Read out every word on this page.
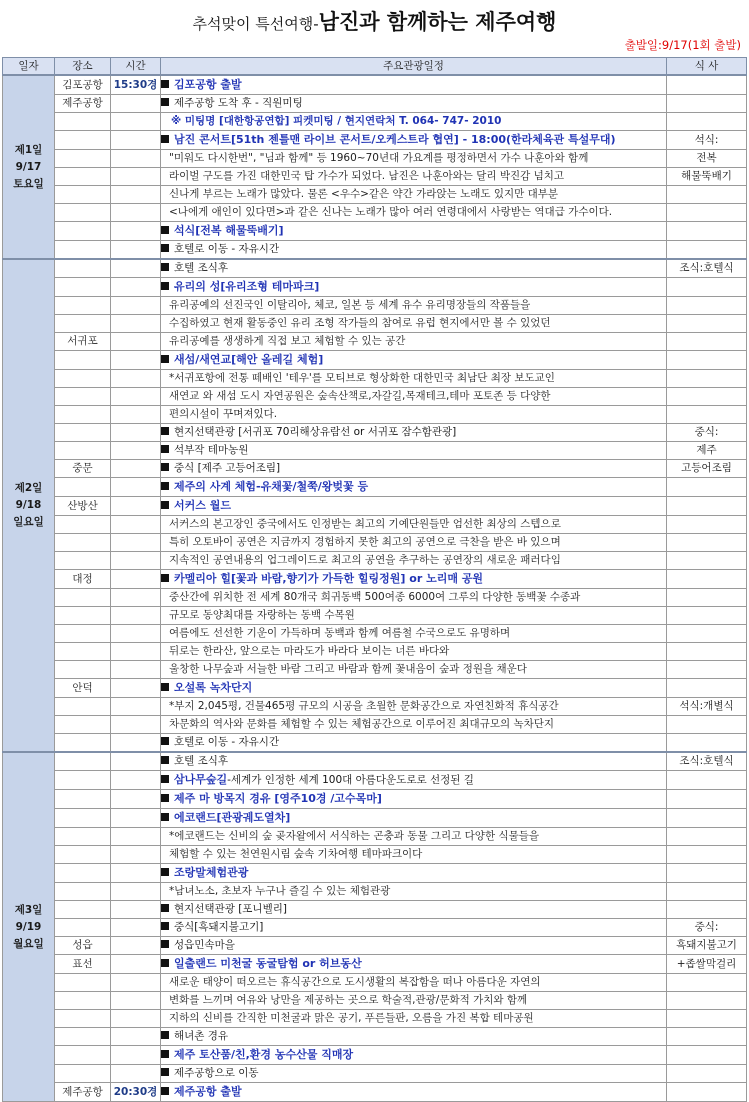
추석맞이 특선여행-남진과 함께하는 제주여행
출발일:9/17(1회 출발)
일자	장소	시간	주요관광일정	식 사

제1일
9/17
토요일	김포공항	15:30경	김포공항 출발	
	제주공항		제주공항 도착 후 - 직원미팅	
			※ 미팅명 [대한항공연합] 피켓미팅 / 현지연락처 T. 064- 747- 2010	
			남진 콘서트[51th 젠틀맨 라이브 콘서트/오케스트라 협연] - 18:00(한라체육관 특설무대)	석식:
			"미워도 다시한번", "님과 함께" 등 1960~70년대 가요계를 평정하면서 가수 나훈아와 함께	전복
			라이벌 구도를 가진 대한민국 탑 가수가 되었다. 남진은 나훈아와는 달리 박진감 넘치고	해물뚝배기
			신나게 부르는 노래가 많았다. 물론 <우수>같은 약간 가라앉는 노래도 있지만 대부분	
			<나에게 애인이 있다면>과 같은 신나는 노래가 많아 여러 연령대에서 사랑받는 역대급 가수이다.	
			석식[전복 해물뚝배기]	
			호텔로 이동 - 자유시간	

제2일
9/18
일요일			호텔 조식후	조식:호텔식
			유리의 성[유리조형 테마파크]	
			유리공예의 선진국인 이탈리아, 체코, 일본 등 세계 유수 유리명장들의 작품들을	
			수집하였고 현재 활동중인 유리 조형 작가들의 참여로 유럽 현지에서만 볼 수 있었던	
	서귀포		유리공예를 생생하게 직접 보고 체험할 수 있는 공간	
			새섬/새연교[해안 올레길 체험]	
			*서귀포항에 전통 떼배인 '테우'를 모티브로 형상화한 대한민국 최남단 최장 보도교인	
			새연교 와 새섬 도시 자연공원은 숲속산책로,자갈길,목재테크,테마 포토존 등 다양한	
			편의시설이 꾸며져있다.	
			현지선택관광 [서귀포 70리해상유람선 or 서귀포 잠수함관광]	중식:
			석부작 테마농원	제주
	중문		중식 [제주 고등어조림]	고등어조림
			제주의 사계 체험-유채꽃/철쭉/왕벚꽃 등	
	산방산		서커스 월드	
			서커스의 본고장인 중국에서도 인정받는 최고의 기예단원들만 엄선한 최상의 스텝으로	
			특히 오토바이 공연은 지금까지 경험하지 못한 최고의 공연으로 극찬을 받은 바 있으며	
			지속적인 공연내용의 업그레이드로 최고의 공연을 추구하는 공연장의 새로운 패러다임	
	대정		카멜리아 힐[꽃과 바람,향기가 가득한 힐링정원] or 노리매 공원	
			중산간에 위치한 전 세계 80개국 희귀동백 500여종 6000여 그루의 다양한 동백꽃 수종과	
			규모로 동양최대를 자랑하는 동백 수목원	
			여름에도 선선한 기운이 가득하며 동백과 함께 여름철 수국으로도 유명하며	
			뒤로는 한라산, 앞으로는 마라도가 바라다 보이는 너른 바다와	
			울창한 나무숲과 서늘한 바람 그리고 바람과 함께 꽃내음이 숲과 정원을 채운다	
	안덕		오설록 녹차단지	
			*부지 2,045평, 건물465평 규모의 시공을 초월한 문화공간으로 자연친화적 휴식공간	석식:개별식
			차문화의 역사와 문화를 체험할 수 있는 체험공간으로 이루어진 최대규모의 녹차단지	
			호텔로 이동 - 자유시간	

제3일
9/19
월요일			호텔 조식후	조식:호텔식
			삼나무숲길-세계가 인정한 세계 100대 아름다운도로로 선정된 길	
			제주 마 방목지 경유 [영주10경 /고수목마]	
			에코랜드[관광궤도열차]	
			*에코랜드는 신비의 숲 곶자왈에서 서식하는 곤충과 동물 그리고 다양한 식물들을	
			체험할 수 있는 천연원시림 숲속 기차여행 테마파크이다	
			조랑말체험관광	
			*남녀노소, 초보자 누구나 즐길 수 있는 체험관광	
			현지선택관광 [포니벨리]	
			중식[흑돼지불고기]	중식:
	성읍		성읍민속마을	흑돼지불고기
	표선		일출랜드 미천굴 동굴탐험 or 허브동산	+좁쌀막걸리
			새로운 태양이 떠오르는 휴식공간으로 도시생활의 복잡함을 떠나 아름다운 자연의	
			변화를 느끼며 여유와 낭만을 제공하는 곳으로 학술적,관광/문화적 가치와 함께	
			지하의 신비를 간직한 미천굴과 맑은 공기, 푸른들판, 오름을 가진 복합 테마공원	
			해녀촌 경유	
			제주 토산품/친,환경 농수산물 직매장	
			제주공항으로 이동	
	제주공항	20:30경	제주공항 출발	
